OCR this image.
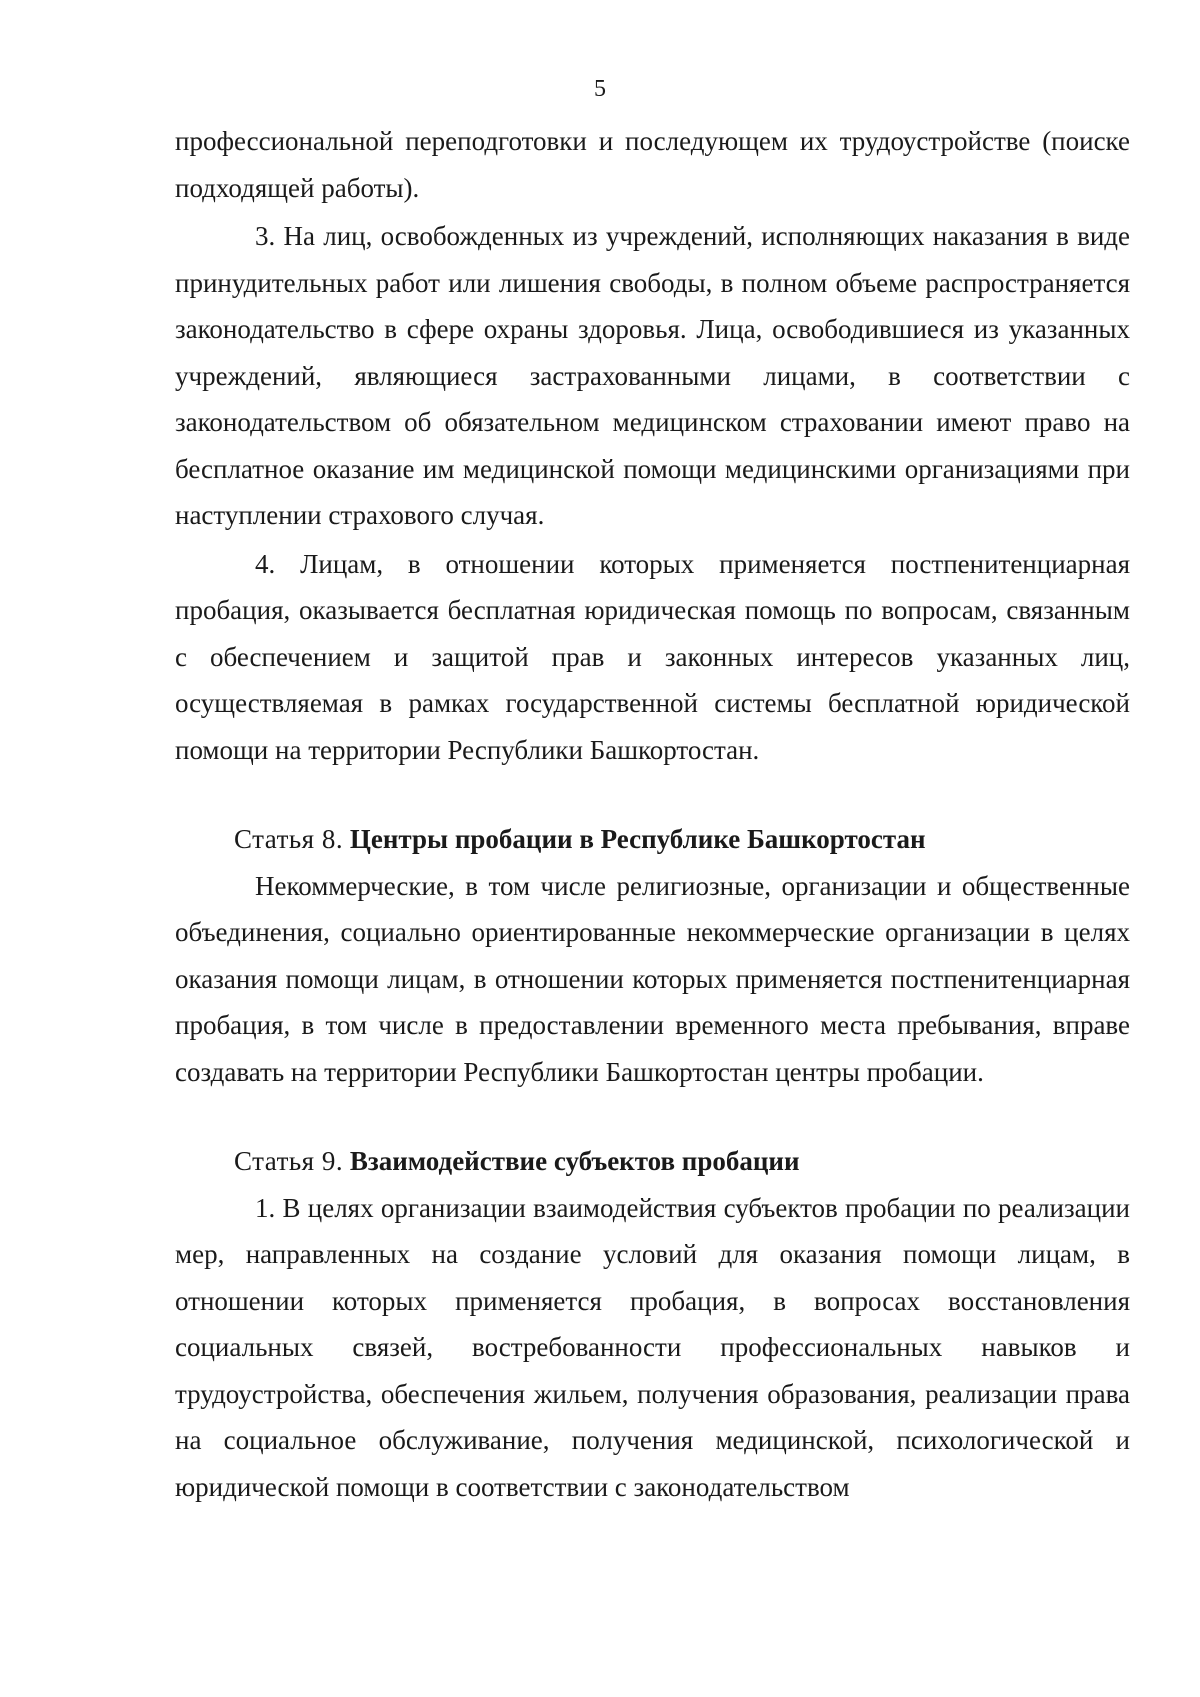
5

профессиональной переподготовки и последующем их трудоустройстве (поиске подходящей работы).

3. На лиц, освобожденных из учреждений, исполняющих наказания в виде принудительных работ или лишения свободы, в полном объеме распространяется законодательство в сфере охраны здоровья. Лица, освободившиеся из указанных учреждений, являющиеся застрахованными лицами, в соответствии с законодательством об обязательном медицинском страховании имеют право на бесплатное оказание им медицинской помощи медицинскими организациями при наступлении страхового случая.

4. Лицам, в отношении которых применяется постпенитенциарная пробация, оказывается бесплатная юридическая помощь по вопросам, связанным с обеспечением и защитой прав и законных интересов указанных лиц, осуществляемая в рамках государственной системы бесплатной юридической помощи на территории Республики Башкортостан.

Статья 8. Центры пробации в Республике Башкортостан

Некоммерческие, в том числе религиозные, организации и общественные объединения, социально ориентированные некоммерческие организации в целях оказания помощи лицам, в отношении которых применяется постпенитенциарная пробация, в том числе в предоставлении временного места пребывания, вправе создавать на территории Республики Башкортостан центры пробации.

Статья 9. Взаимодействие субъектов пробации

1. В целях организации взаимодействия субъектов пробации по реализации мер, направленных на создание условий для оказания помощи лицам, в отношении которых применяется пробация, в вопросах восстановления социальных связей, востребованности профессиональных навыков и трудоустройства, обеспечения жильем, получения образования, реализации права на социальное обслуживание, получения медицинской, психологической и юридической помощи в соответствии с законодательством
